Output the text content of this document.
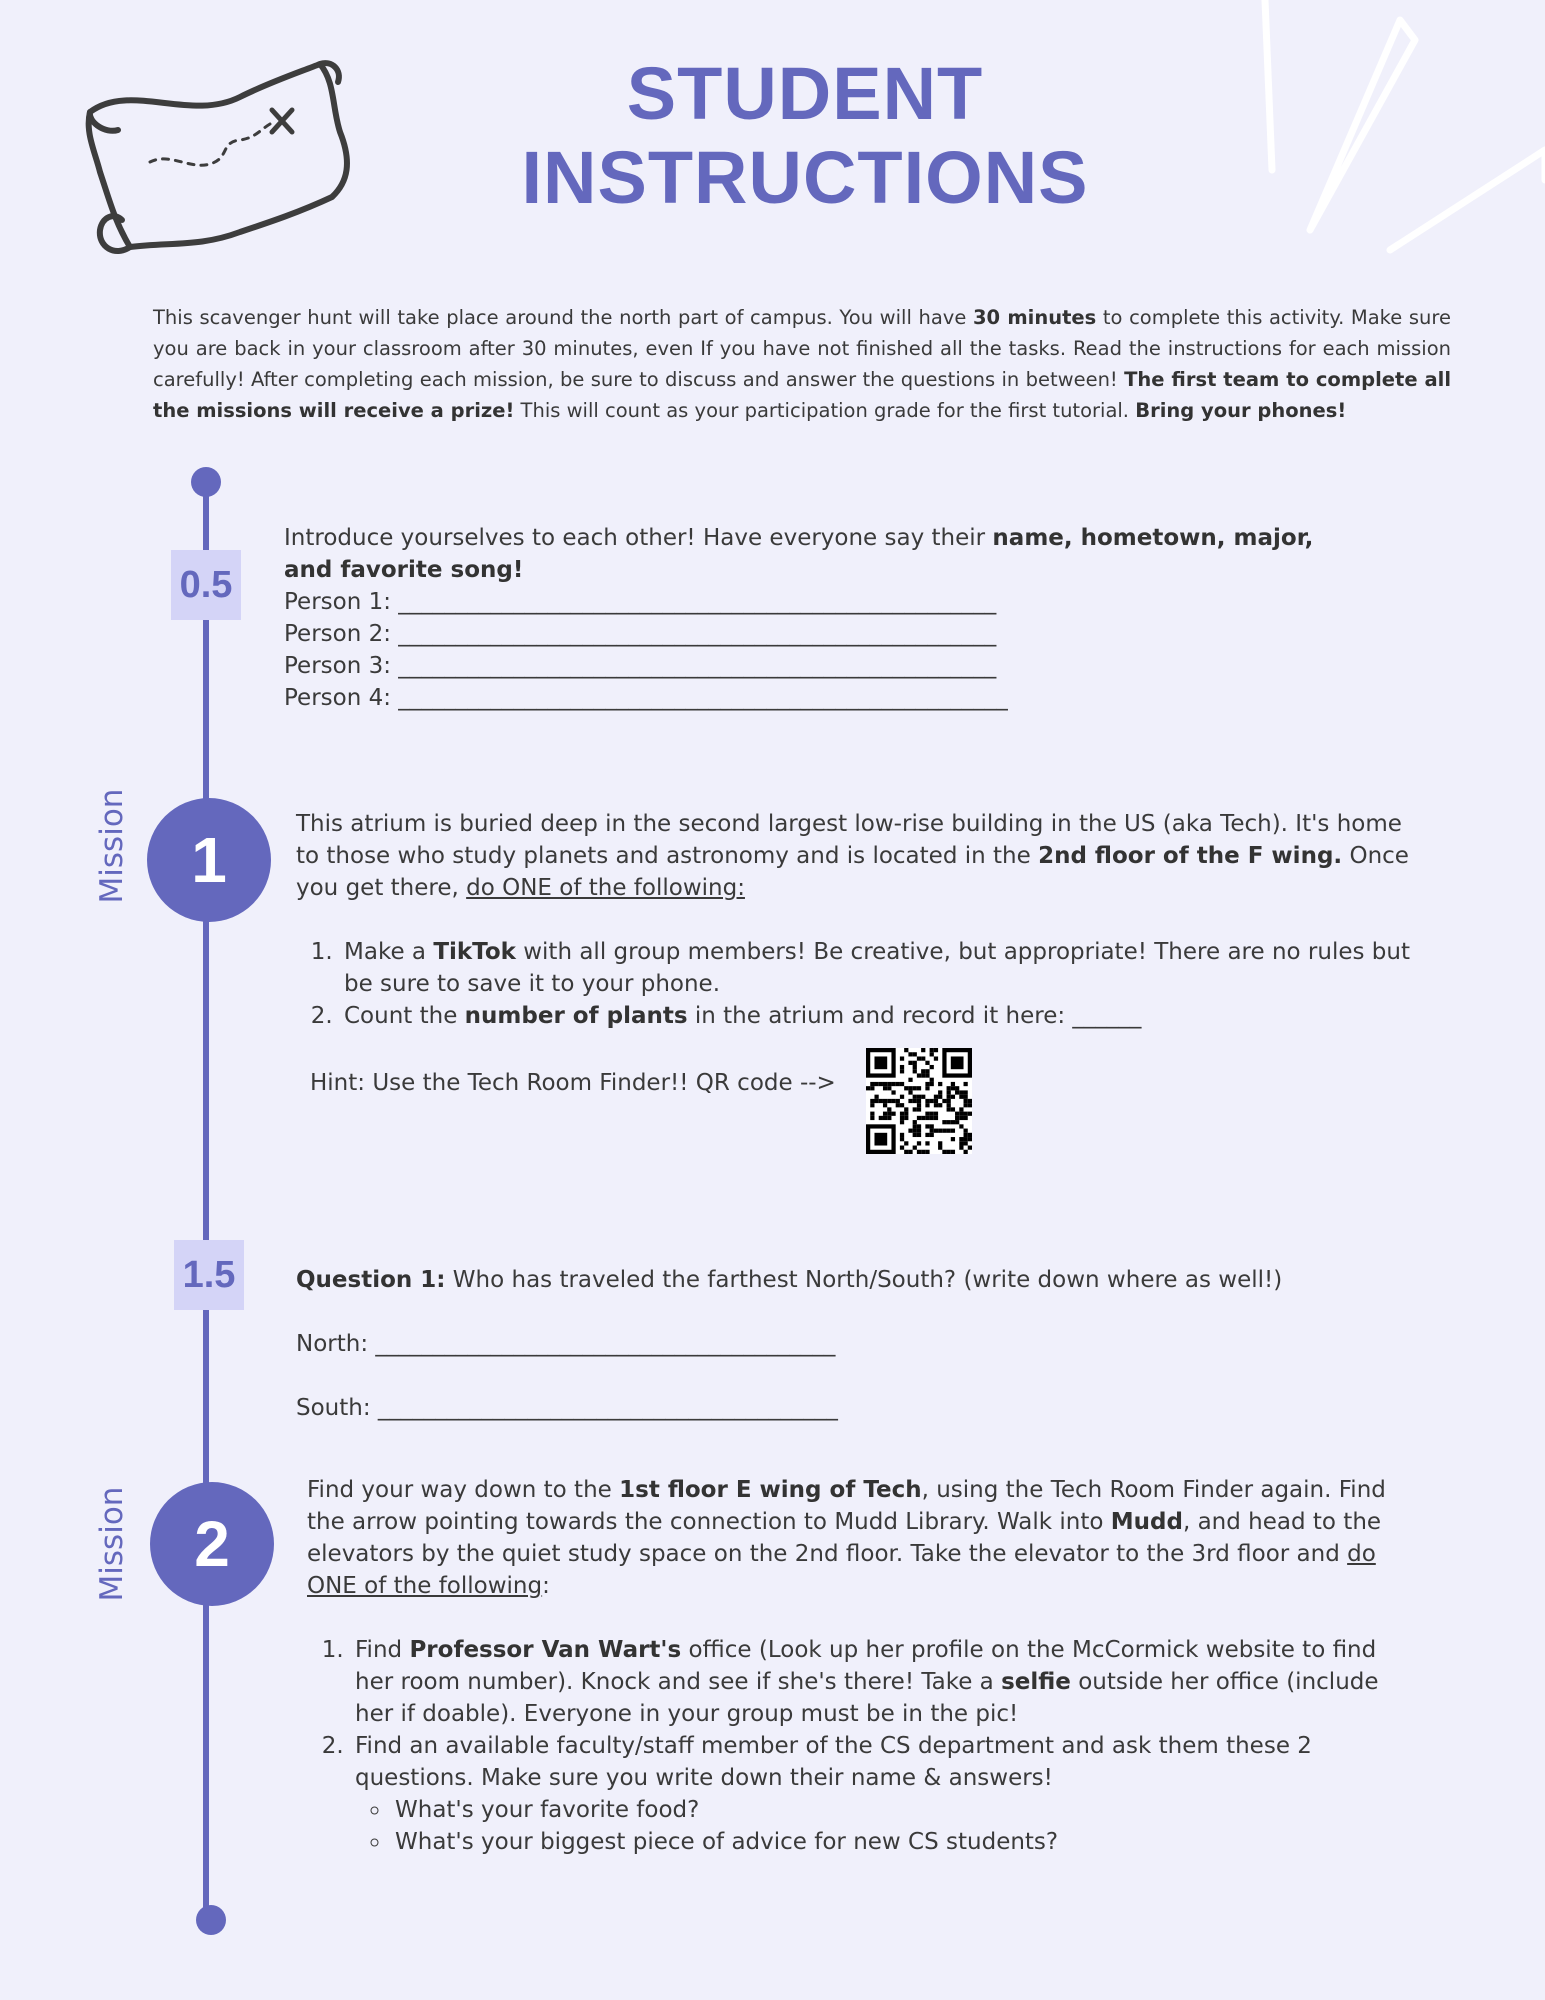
STUDENT
INSTRUCTIONS
This scavenger hunt will take place around the north part of campus. You will have 30 minutes to complete this activity. Make sure you are back in your classroom after 30 minutes, even If you have not finished all the tasks. Read the instructions for each mission carefully! After completing each mission, be sure to discuss and answer the questions in between! The first team to complete all the missions will receive a prize! This will count as your participation grade for the first tutorial. Bring your phones!
0.5
Introduce yourselves to each other! Have everyone say their name, hometown, major, and favorite song!
Person 1: ____________________________________________________
Person 2: ____________________________________________________
Person 3: ____________________________________________________
Person 4: _____________________________________________________
Mission 1	This atrium is buried deep in the second largest low-rise building in the US (aka Tech). It's home to those who study planets and astronomy and is located in the 2nd floor of the F wing. Once you get there, do ONE of the following:
1. Make a TikTok with all group members! Be creative, but appropriate! There are no rules but be sure to save it to your phone.
2. Count the number of plants in the atrium and record it here: ______
Hint: Use the Tech Room Finder!! QR code -->
1.5	Question 1: Who has traveled the farthest North/South? (write down where as well!)
North: ________________________________________
South: ________________________________________
Mission	2
Find your way down to the 1st floor E wing of Tech, using the Tech Room Finder again. Find the arrow pointing towards the connection to Mudd Library. Walk into Mudd, and head to the elevators by the quiet study space on the 2nd floor. Take the elevator to the 3rd floor and do ONE of the following:
1. Find Professor Van Wart's office (Look up her profile on the McCormick website to find her room number). Knock and see if she's there! Take a selfie outside her office (include her if doable). Everyone in your group must be in the pic!
2. Find an available faculty/staff member of the CS department and ask them these 2 questions. Make sure you write down their name & answers!
◦ What's your favorite food?
◦ What's your biggest piece of advice for new CS students?
